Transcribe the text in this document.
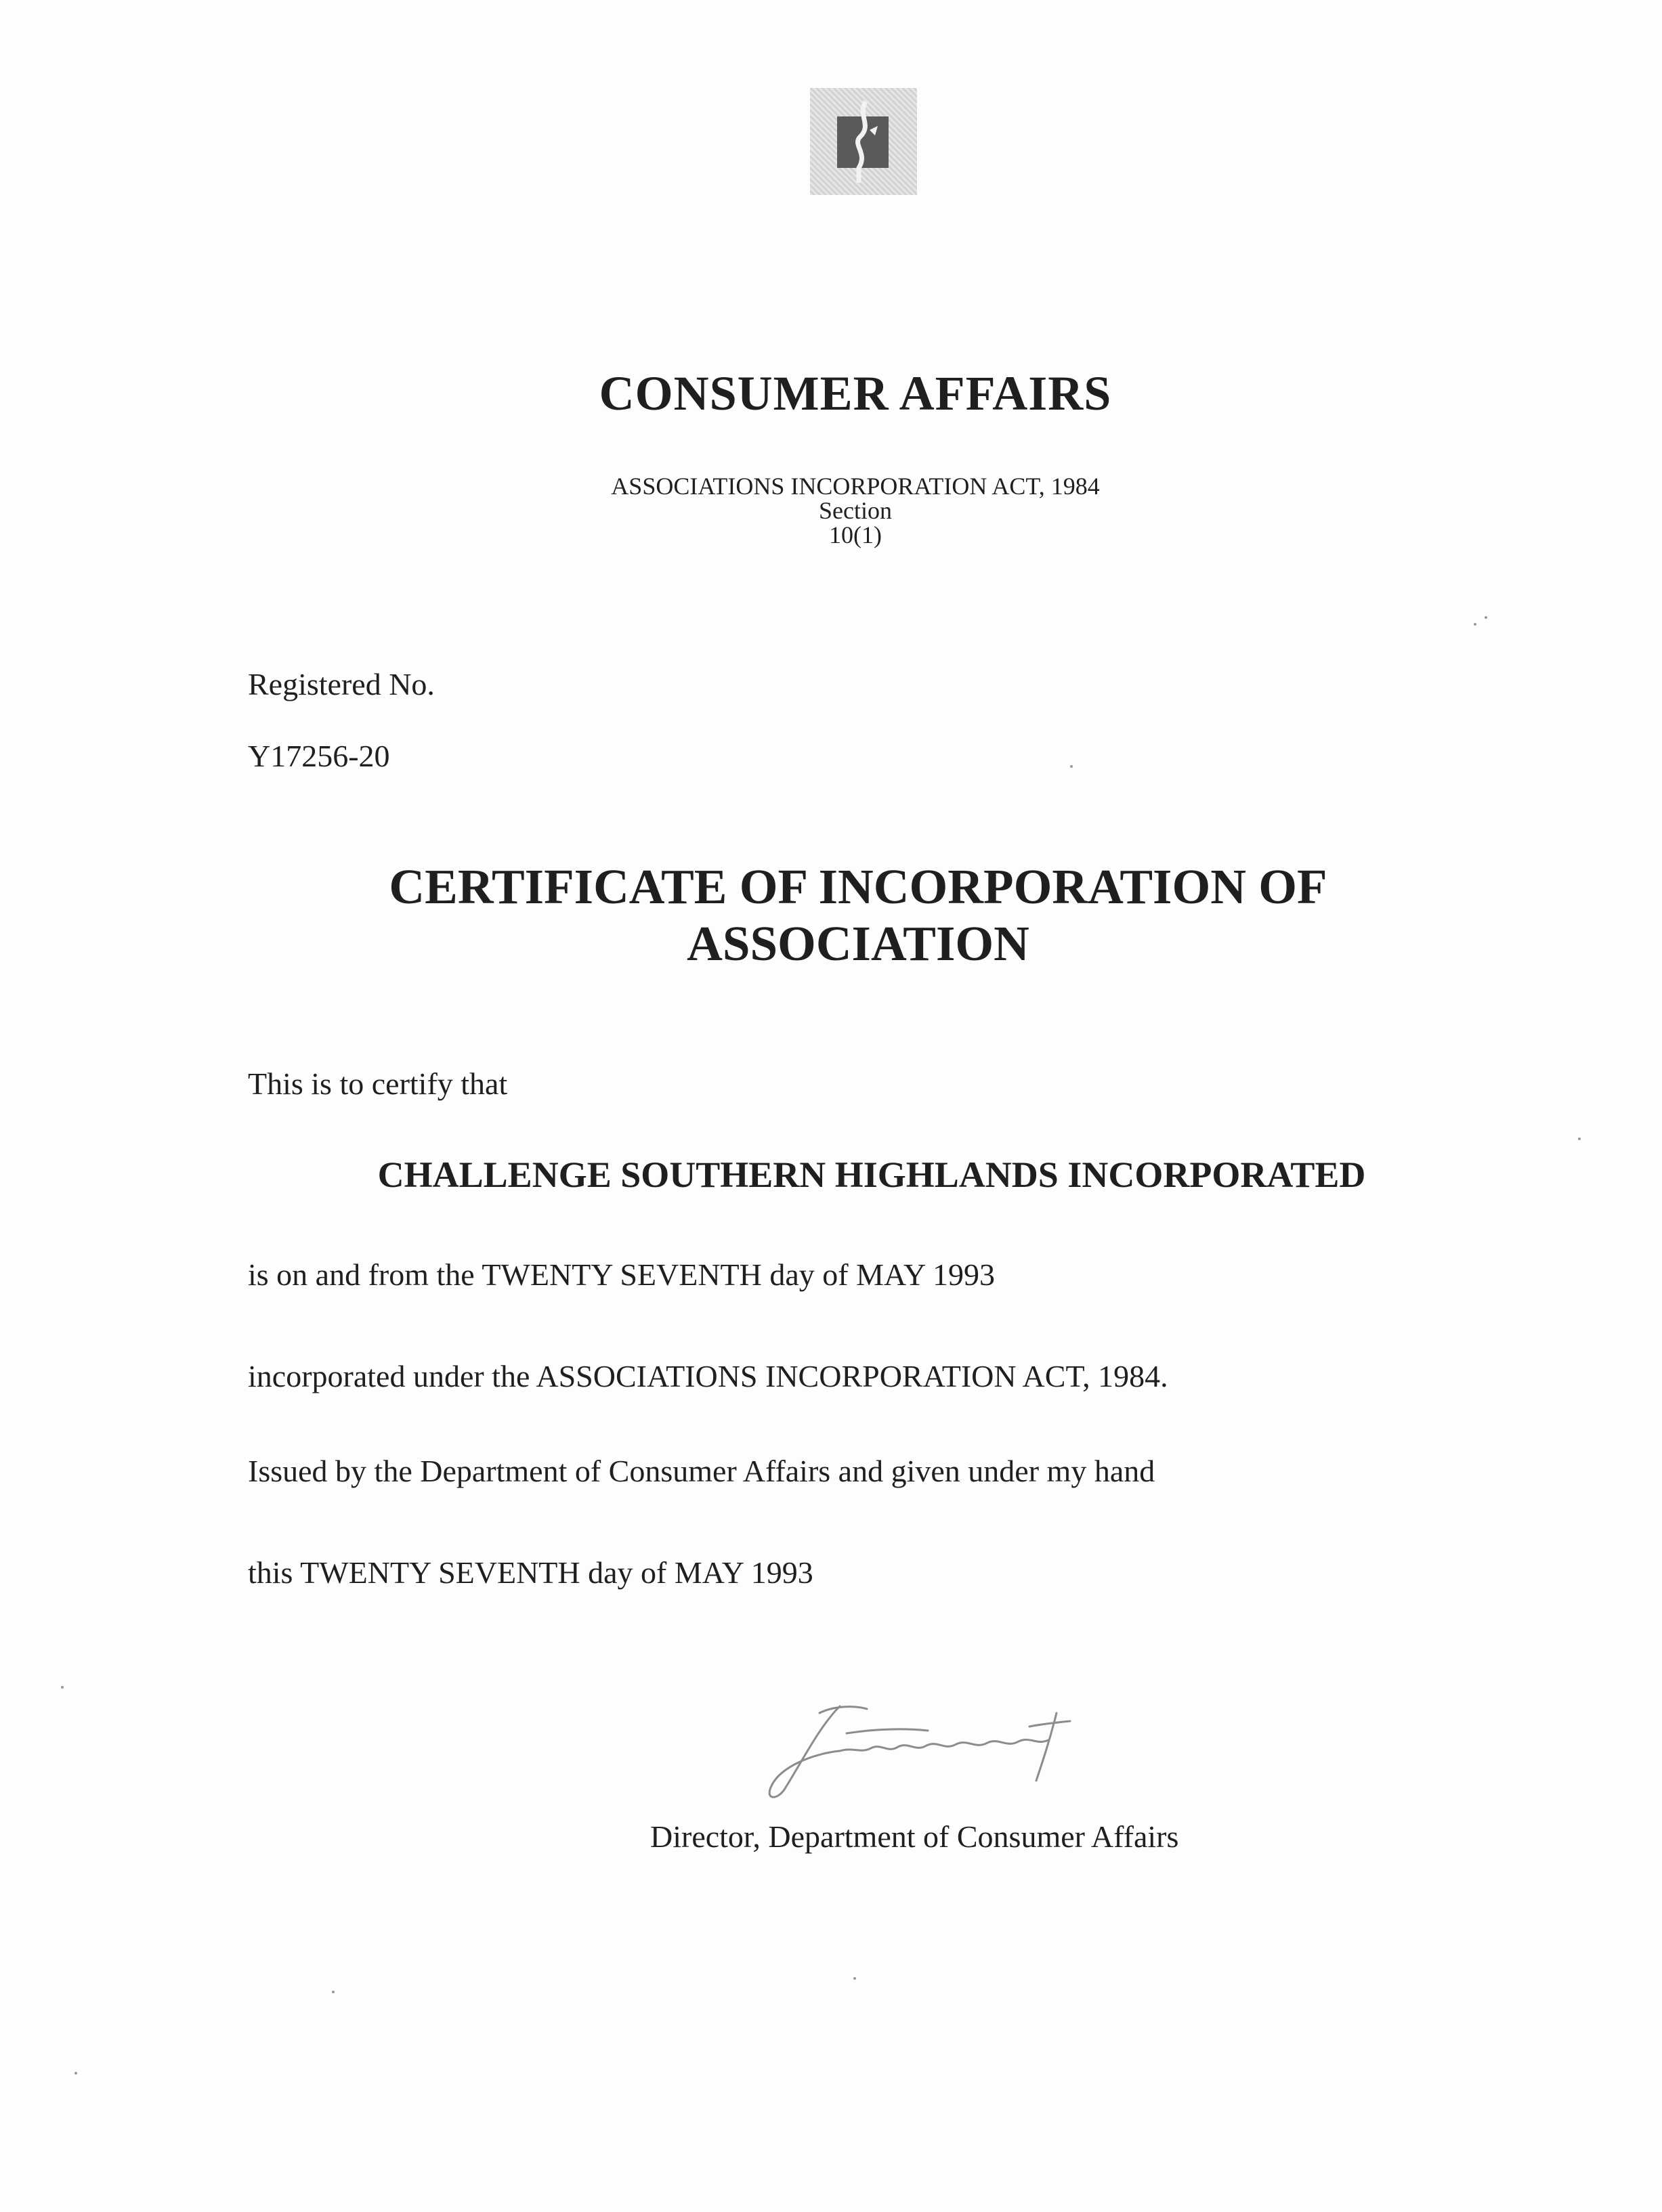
CONSUMER AFFAIRS
ASSOCIATIONS INCORPORATION ACT, 1984
Section
10(1)
Registered No.
Y17256-20
CERTIFICATE OF INCORPORATION OF
ASSOCIATION
This is to certify that
CHALLENGE SOUTHERN HIGHLANDS INCORPORATED
is on and from the TWENTY SEVENTH day of MAY 1993
incorporated under the ASSOCIATIONS INCORPORATION ACT, 1984.
Issued by the Department of Consumer Affairs and given under my hand
this TWENTY SEVENTH day of MAY 1993
Director, Department of Consumer Affairs
